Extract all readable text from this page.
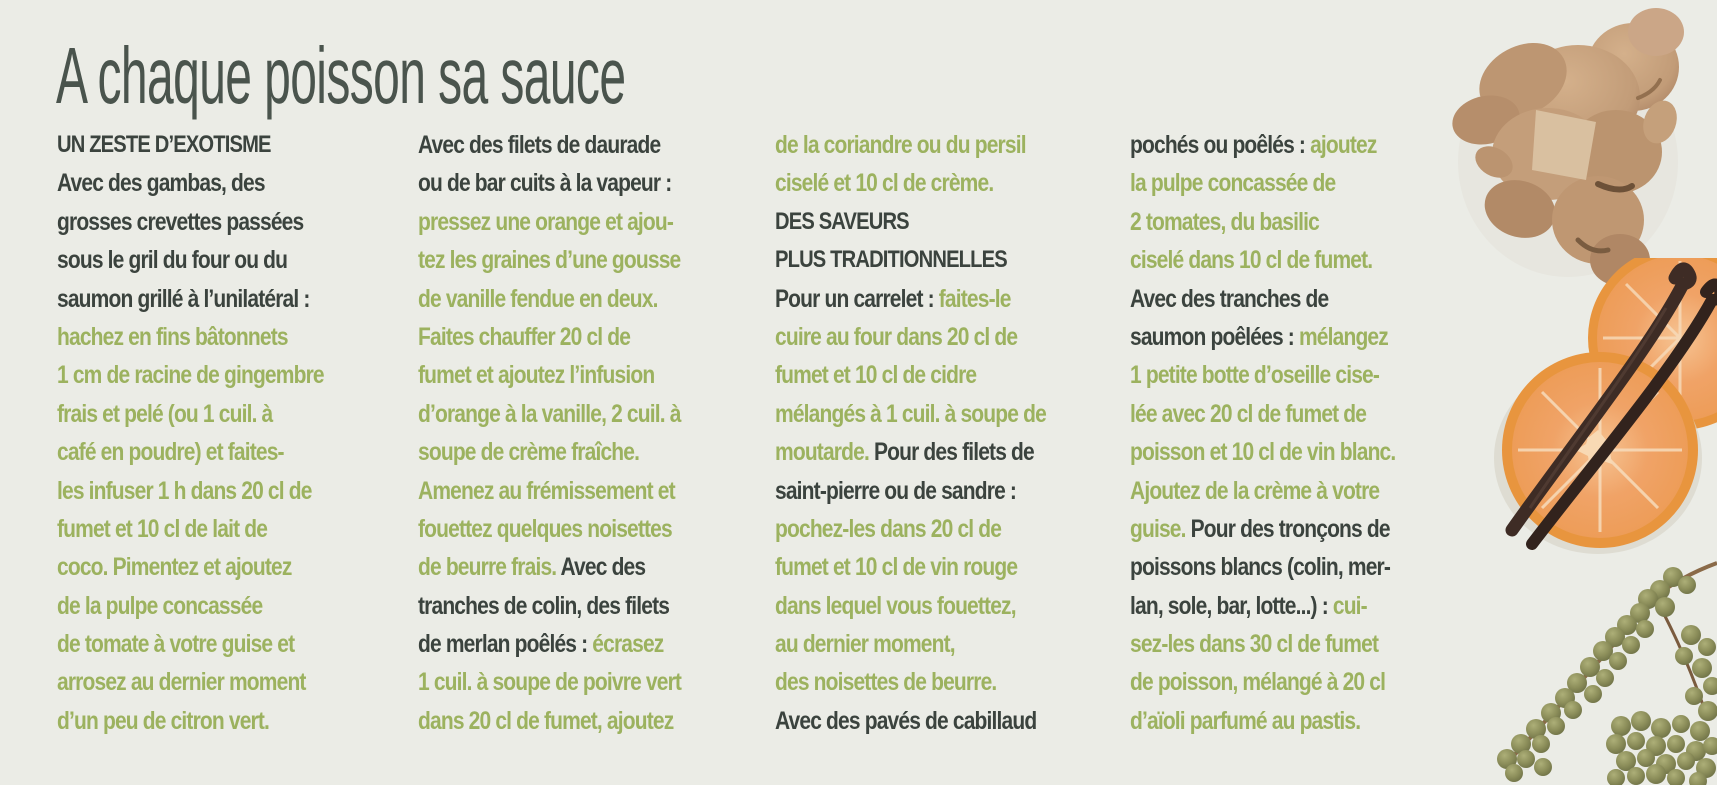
A chaque poisson sa sauce
UN ZESTE D’EXOTISME
Avec des gambas, des
grosses crevettes passées
sous le gril du four ou du
saumon grillé à l’unilatéral :
hachez en fins bâtonnets
1 cm de racine de gingembre
frais et pelé (ou 1 cuil. à
café en poudre) et faites-
les infuser 1 h dans 20 cl de
fumet et 10 cl de lait de
coco. Pimentez et ajoutez
de la pulpe concassée
de tomate à votre guise et
arrosez au dernier moment
d’un peu de citron vert.
Avec des filets de daurade
ou de bar cuits à la vapeur :
pressez une orange et ajou-
tez les graines d’une gousse
de vanille fendue en deux.
Faites chauffer 20 cl de
fumet et ajoutez l’infusion
d’orange à la vanille, 2 cuil. à
soupe de crème fraîche.
Amenez au frémissement et
fouettez quelques noisettes
de beurre frais. Avec des
tranches de colin, des filets
de merlan poêlés : écrasez
1 cuil. à soupe de poivre vert
dans 20 cl de fumet, ajoutez
de la coriandre ou du persil
ciselé et 10 cl de crème.
DES SAVEURS
PLUS TRADITIONNELLES
Pour un carrelet : faites-le
cuire au four dans 20 cl de
fumet et 10 cl de cidre
mélangés à 1 cuil. à soupe de
moutarde. Pour des filets de
saint-pierre ou de sandre :
pochez-les dans 20 cl de
fumet et 10 cl de vin rouge
dans lequel vous fouettez,
au dernier moment,
des noisettes de beurre.
Avec des pavés de cabillaud
pochés ou poêlés : ajoutez
la pulpe concassée de
2 tomates, du basilic
ciselé dans 10 cl de fumet.
Avec des tranches de
saumon poêlées : mélangez
1 petite botte d’oseille cise-
lée avec 20 cl de fumet de
poisson et 10 cl de vin blanc.
Ajoutez de la crème à votre
guise. Pour des tronçons de
poissons blancs (colin, mer-
lan, sole, bar, lotte...) : cui-
sez-les dans 30 cl de fumet
de poisson, mélangé à 20 cl
d’aïoli parfumé au pastis.
